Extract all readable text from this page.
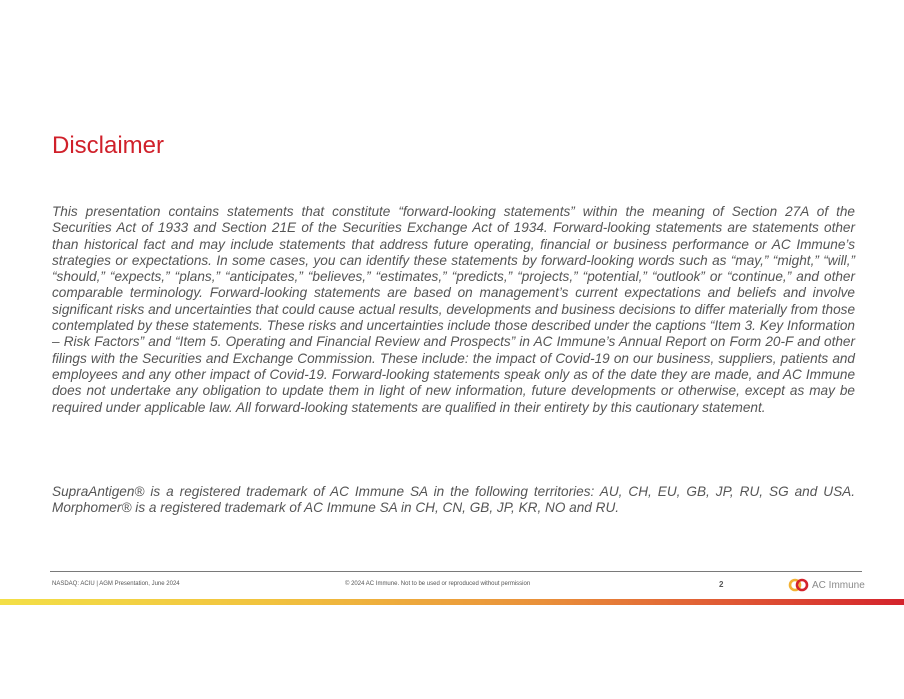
Disclaimer

This presentation contains statements that constitute “forward-looking statements” within the meaning of Section 27A of the Securities Act of 1933 and Section 21E of the Securities Exchange Act of 1934. Forward-looking statements are statements other than historical fact and may include statements that address future operating, financial or business performance or AC Immune’s strategies or expectations. In some cases, you can identify these statements by forward-looking words such as “may,” “might,” “will,” “should,” “expects,” “plans,” “anticipates,” “believes,” “estimates,” “predicts,” “projects,” “potential,” “outlook” or “continue,” and other comparable terminology. Forward-looking statements are based on management’s current expectations and beliefs and involve significant risks and uncertainties that could cause actual results, developments and business decisions to differ materially from those contemplated by these statements. These risks and uncertainties include those described under the captions “Item 3. Key Information – Risk Factors” and “Item 5. Operating and Financial Review and Prospects” in AC Immune’s Annual Report on Form 20-F and other filings with the Securities and Exchange Commission. These include: the impact of Covid-19 on our business, suppliers, patients and employees and any other impact of Covid-19. Forward-looking statements speak only as of the date they are made, and AC Immune does not undertake any obligation to update them in light of new information, future developments or otherwise, except as may be required under applicable law. All forward-looking statements are qualified in their entirety by this cautionary statement.

SupraAntigen® is a registered trademark of AC Immune SA in the following territories: AU, CH, EU, GB, JP, RU, SG and USA. Morphomer® is a registered trademark of AC Immune SA in CH, CN, GB, JP, KR, NO and RU.

NASDAQ: ACIU | AGM Presentation, June 2024	© 2024 AC Immune. Not to be used or reproduced without permission	2	AC Immune
